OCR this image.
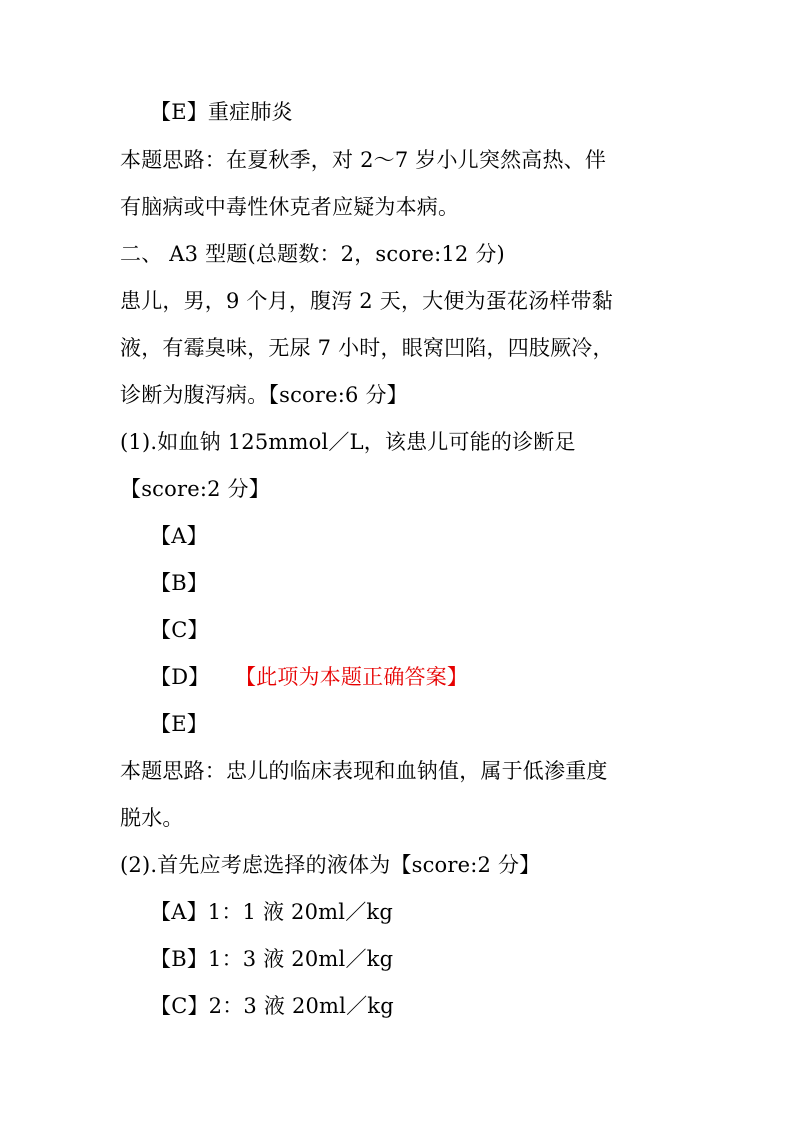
【E】重症肺炎
本题思路：在夏秋季，对 2～7 岁小儿突然高热、伴
有脑病或中毒性休克者应疑为本病。
二、 A3 型题(总题数：2，score:12 分)
患儿，男，9 个月，腹泻 2 天，大便为蛋花汤样带黏
液，有霉臭味，无尿 7 小时，眼窝凹陷，四肢厥冷，
诊断为腹泻病。【score:6 分】
(1).如血钠 125mmol／L，该患儿可能的诊断足
【score:2 分】
【A】
【B】
【C】
【D】 【此项为本题正确答案】
【E】
本题思路：忠儿的临床表现和血钠值，属于低渗重度
脱水。
(2).首先应考虑选择的液体为【score:2 分】
【A】1：1 液 20ml／kg
【B】1：3 液 20ml／kg
【C】2：3 液 20ml／kg
